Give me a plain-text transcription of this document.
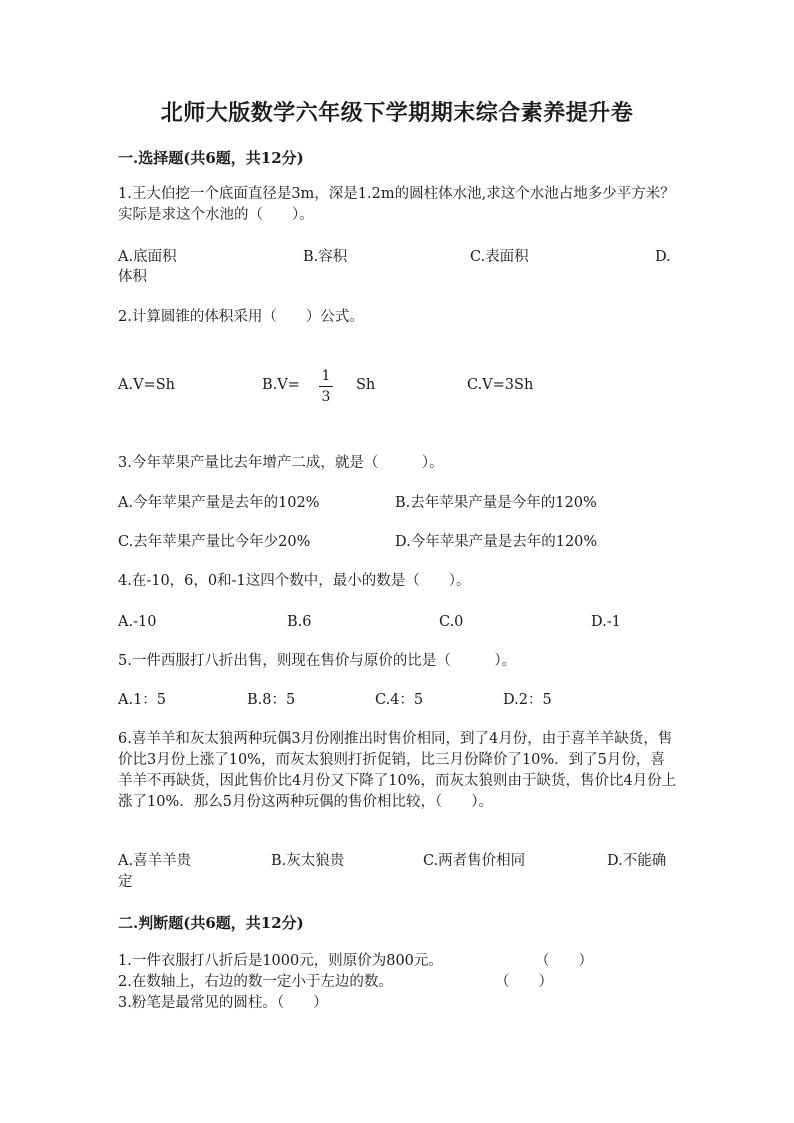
北师大版数学六年级下学期期末综合素养提升卷
一.选择题(共6题，共12分)
1.王大伯挖一个底面直径是3m，深是1.2m的圆柱体水池,求这个水池占地多少平方米？实际是求这个水池的（　　）。
A.底面积	B.容积	C.表面积	D.
体积
2.计算圆锥的体积采用（　　）公式。
A.V=Sh	B.V=
1
3
Sh	C.V=3Sh
3.今年苹果产量比去年增产二成，就是（　　　）。
A.今年苹果产量是去年的102%	B.去年苹果产量是今年的120%
C.去年苹果产量比今年少20%	D.今年苹果产量是去年的120%
4.在-10，6，0和-1这四个数中，最小的数是（　　）。
A.-10	B.6	C.0	D.-1
5.一件西服打八折出售，则现在售价与原价的比是（　　　）。
A.1：5	B.8：5	C.4：5	D.2：5
6.喜羊羊和灰太狼两种玩偶3月份刚推出时售价相同，到了4月份，由于喜羊羊缺货，售价比3月份上涨了10%，而灰太狼则打折促销，比三月份降价了10%．到了5月份，喜羊羊不再缺货，因此售价比4月份又下降了10%，而灰太狼则由于缺货，售价比4月份上涨了10%．那么5月份这两种玩偶的售价相比较，（　　）。
A.喜羊羊贵	B.灰太狼贵	C.两者售价相同	D.不能确
定
二.判断题(共6题，共12分)
1.一件衣服打八折后是1000元，则原价为800元。	（　　）
2.在数轴上，右边的数一定小于左边的数。	（　　）
3.粉笔是最常见的圆柱。（　　）
